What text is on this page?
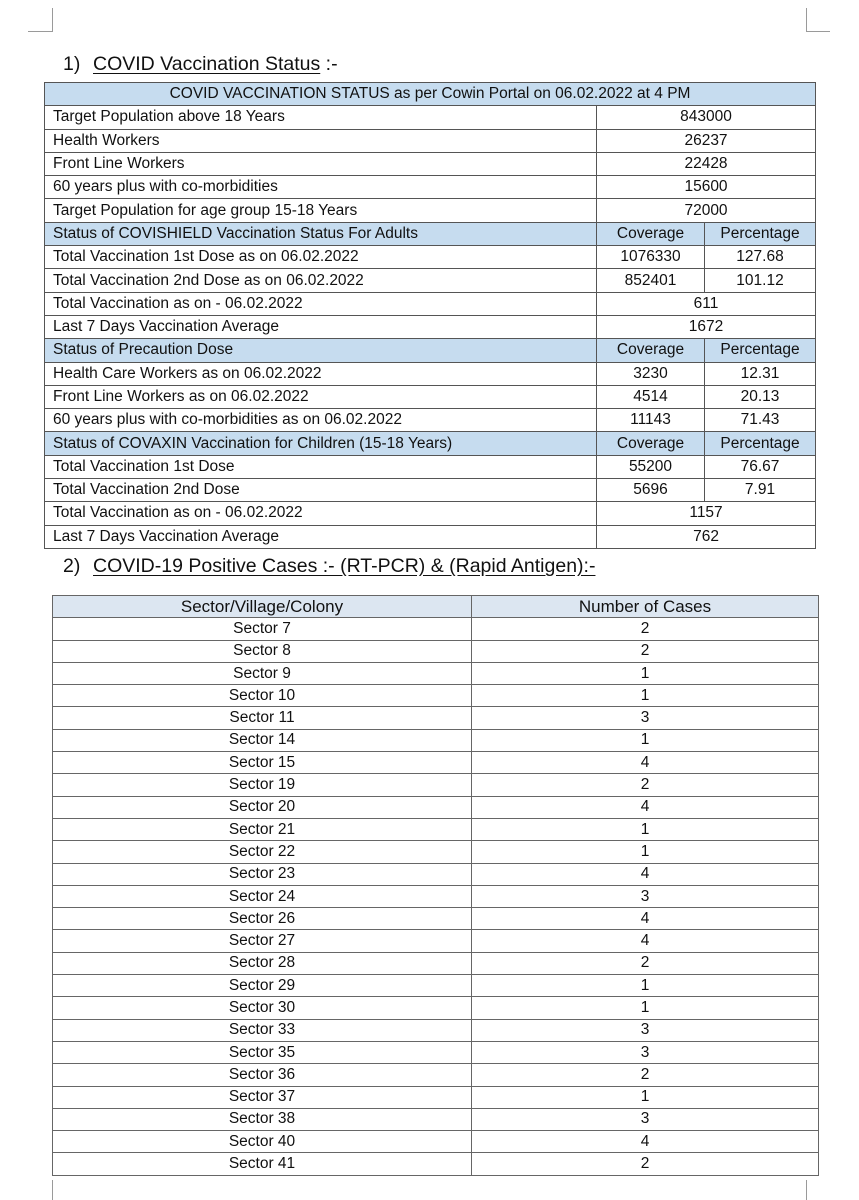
1) COVID Vaccination Status :-
COVID VACCINATION STATUS as per Cowin Portal on 06.02.2022 at 4 PM		
Target Population above 18 Years	843000	
Health Workers	26237	
Front Line Workers	22428	
60 years plus with co-morbidities	15600	
Target Population for age group 15-18 Years	72000	
Status of COVISHIELD Vaccination Status For Adults	Coverage	Percentage
Total Vaccination 1st Dose as on 06.02.2022	1076330	127.68
Total Vaccination 2nd Dose as on 06.02.2022	852401	101.12
Total Vaccination as on - 06.02.2022	611	
Last 7 Days Vaccination Average	1672	
Status of Precaution Dose	Coverage	Percentage
Health Care Workers as on 06.02.2022	3230	12.31
Front Line Workers as on 06.02.2022	4514	20.13
60 years plus with co-morbidities as on 06.02.2022	11143	71.43
Status of COVAXIN Vaccination for Children (15-18 Years)	Coverage	Percentage
Total Vaccination 1st Dose	55200	76.67
Total Vaccination 2nd Dose	5696	7.91
Total Vaccination as on - 06.02.2022	1157	
Last 7 Days Vaccination Average	762	
2) COVID-19 Positive Cases :- (RT-PCR) & (Rapid Antigen):-
Sector/Village/Colony	Number of Cases
Sector 7	2
Sector 8	2
Sector 9	1
Sector 10	1
Sector 11	3
Sector 14	1
Sector 15	4
Sector 19	2
Sector 20	4
Sector 21	1
Sector 22	1
Sector 23	4
Sector 24	3
Sector 26	4
Sector 27	4
Sector 28	2
Sector 29	1
Sector 30	1
Sector 33	3
Sector 35	3
Sector 36	2
Sector 37	1
Sector 38	3
Sector 40	4
Sector 41	2
